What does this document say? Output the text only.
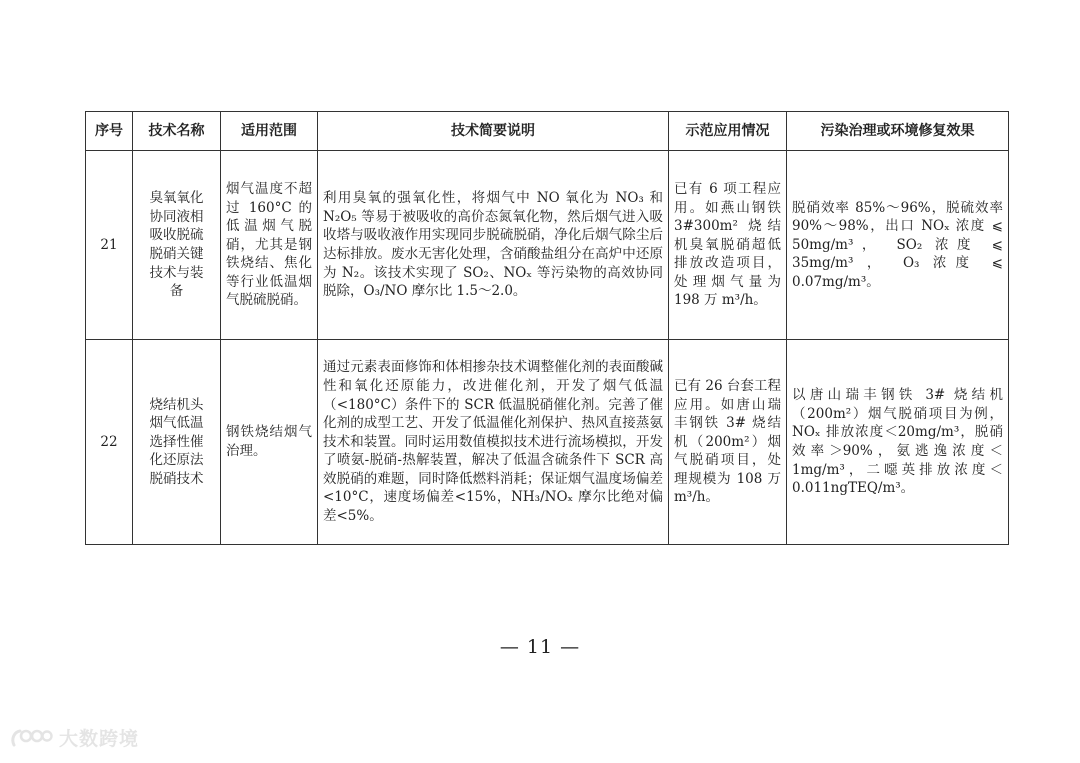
序号	技术名称	适用范围	技术简要说明	示范应用情况	污染治理或环境修复效果
21	臭氧氧化协同液相吸收脱硫脱硝关键技术与装备	烟气温度不超过 160°C 的低温烟气脱硝，尤其是钢铁烧结、焦化等行业低温烟气脱硫脱硝。	利用臭氧的强氧化性，将烟气中 NO 氧化为 NO₃ 和 N₂O₅ 等易于被吸收的高价态氮氧化物，然后烟气进入吸收塔与吸收液作用实现同步脱硫脱硝，净化后烟气除尘后达标排放。废水无害化处理，含硝酸盐组分在高炉中还原为 N₂。该技术实现了 SO₂、NOₓ 等污染物的高效协同脱除，O₃/NO 摩尔比 1.5～2.0。	已有 6 项工程应用。如燕山钢铁 3#300m² 烧结机臭氧脱硝超低排放改造项目，处理烟气量为 198 万 m³/h。	脱硝效率 85%～96%，脱硫效率 90%～98%，出口 NOₓ 浓度 ⩽ 50mg/m³， SO₂ 浓度 ⩽ 35mg/m³ ， O₃ 浓度 ⩽ 0.07mg/m³。
22	烧结机头烟气低温选择性催化还原法脱硝技术	钢铁烧结烟气治理。	通过元素表面修饰和体相掺杂技术调整催化剂的表面酸碱性和氧化还原能力，改进催化剂，开发了烟气低温（<180°C）条件下的 SCR 低温脱硝催化剂。完善了催化剂的成型工艺、开发了低温催化剂保护、热风直接蒸氨技术和装置。同时运用数值模拟技术进行流场模拟，开发了喷氨-脱硝-热解装置，解决了低温含硫条件下 SCR 高效脱硝的难题，同时降低燃料消耗；保证烟气温度场偏差 <10°C，速度场偏差<15%，NH₃/NOₓ 摩尔比绝对偏差<5%。	已有 26 台套工程应用。如唐山瑞丰钢铁 3# 烧结机（200m²）烟气脱硝项目，处理规模为 108 万 m³/h。	以唐山瑞丰钢铁 3# 烧结机（200m²）烟气脱硝项目为例，NOₓ 排放浓度＜20mg/m³，脱硝效率＞90%，氨逃逸浓度＜1mg/m³，二噁英排放浓度＜0.011ngTEQ/m³。
— 11 —
大数跨境
